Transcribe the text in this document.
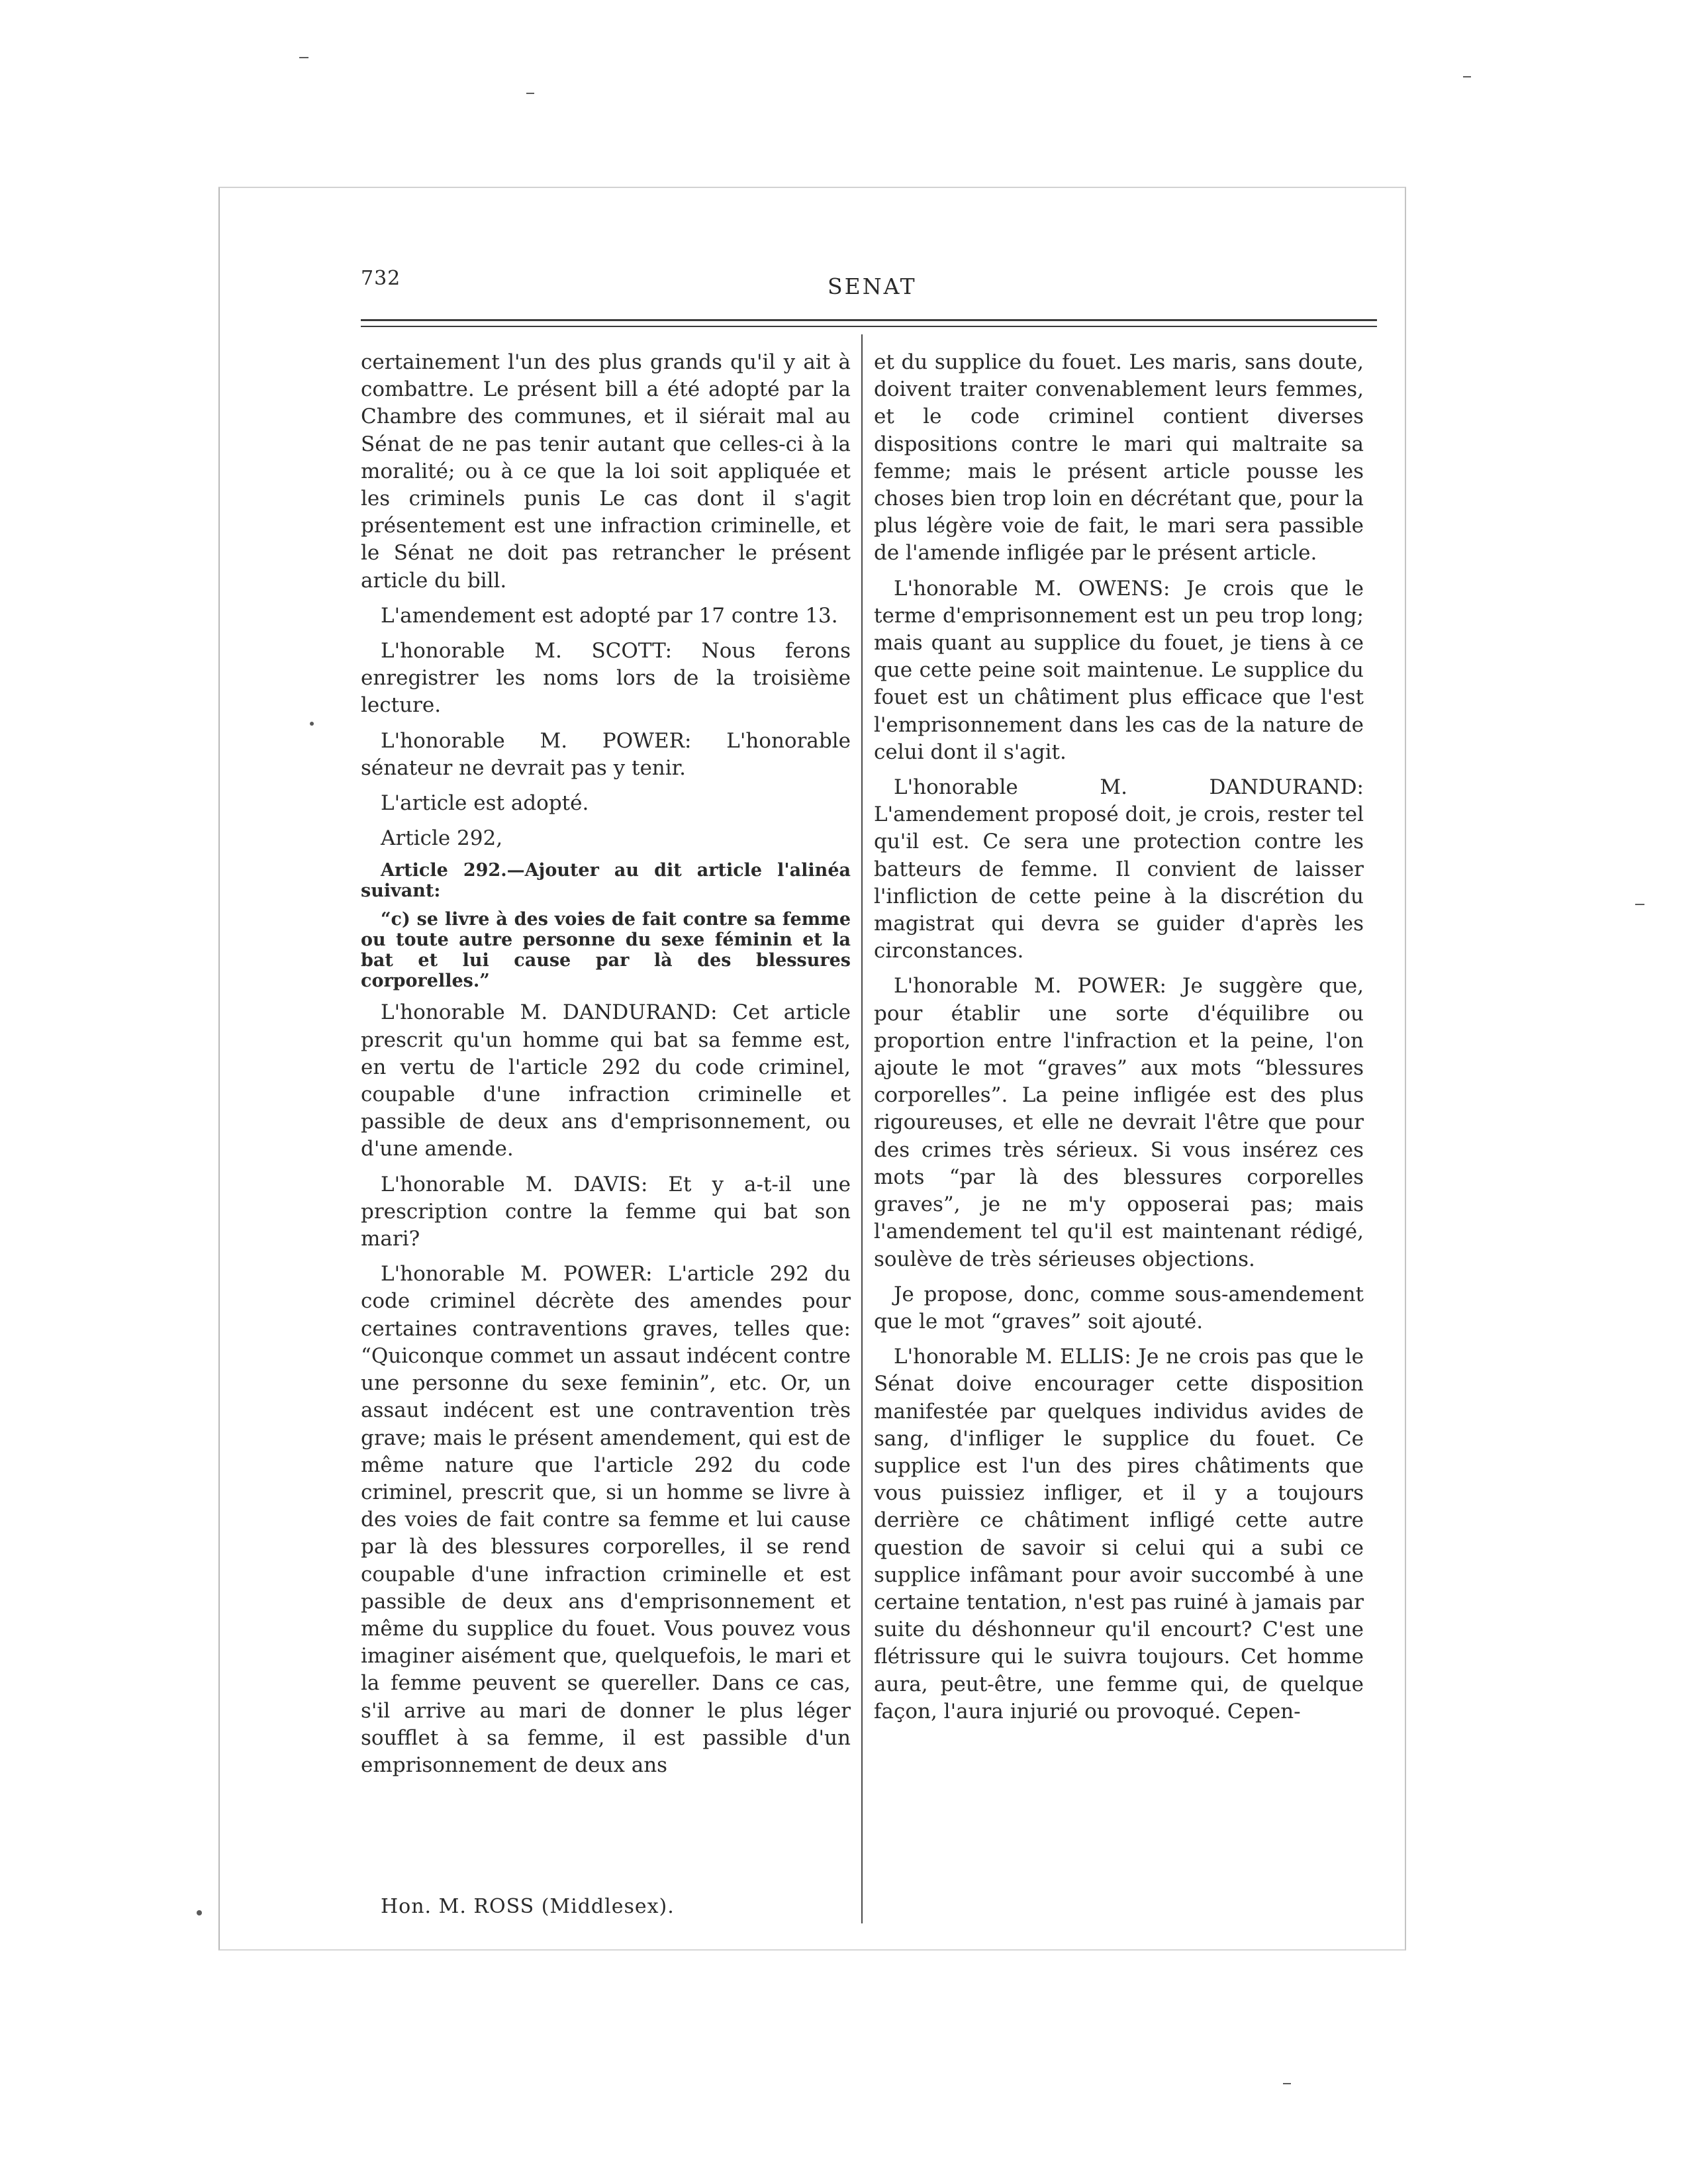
732	SENAT

certainement l'un des plus grands qu'il y ait à combattre. Le présent bill a été adopté par la Chambre des communes, et il siérait mal au Sénat de ne pas tenir autant que celles-ci à la moralité; ou à ce que la loi soit appliquée et les criminels punis Le cas dont il s'agit présentement est une infraction criminelle, et le Sénat ne doit pas retrancher le présent article du bill.

L'amendement est adopté par 17 contre 13.

L'honorable M. SCOTT: Nous ferons enregistrer les noms lors de la troisième lecture.

L'honorable M. POWER: L'honorable sénateur ne devrait pas y tenir.

L'article est adopté.

Article 292,

Article 292.—Ajouter au dit article l'alinéa suivant:

“c) se livre à des voies de fait contre sa femme ou toute autre personne du sexe féminin et la bat et lui cause par là des blessures corporelles.”

L'honorable M. DANDURAND: Cet article prescrit qu'un homme qui bat sa femme est, en vertu de l'article 292 du code criminel, coupable d'une infraction criminelle et passible de deux ans d'emprisonnement, ou d'une amende.

L'honorable M. DAVIS: Et y a-t-il une prescription contre la femme qui bat son mari?

L'honorable M. POWER: L'article 292 du code criminel décrète des amendes pour certaines contraventions graves, telles que: “Quiconque commet un assaut indécent contre une personne du sexe feminin”, etc. Or, un assaut indécent est une contravention très grave; mais le présent amendement, qui est de même nature que l'article 292 du code criminel, prescrit que, si un homme se livre à des voies de fait contre sa femme et lui cause par là des blessures corporelles, il se rend coupable d'une infraction criminelle et est passible de deux ans d'emprisonnement et même du supplice du fouet. Vous pouvez vous imaginer aisément que, quelquefois, le mari et la femme peuvent se quereller. Dans ce cas, s'il arrive au mari de donner le plus léger soufflet à sa femme, il est passible d'un emprisonnement de deux ans

et du supplice du fouet. Les maris, sans doute, doivent traiter convenablement leurs femmes, et le code criminel contient diverses dispositions contre le mari qui maltraite sa femme; mais le présent article pousse les choses bien trop loin en décrétant que, pour la plus légère voie de fait, le mari sera passible de l'amende infligée par le présent article.

L'honorable M. OWENS: Je crois que le terme d'emprisonnement est un peu trop long; mais quant au supplice du fouet, je tiens à ce que cette peine soit maintenue. Le supplice du fouet est un châtiment plus efficace que l'est l'emprisonnement dans les cas de la nature de celui dont il s'agit.

L'honorable M. DANDURAND: L'amendement proposé doit, je crois, rester tel qu'il est. Ce sera une protection contre les batteurs de femme. Il convient de laisser l'infliction de cette peine à la discrétion du magistrat qui devra se guider d'après les circonstances.

L'honorable M. POWER: Je suggère que, pour établir une sorte d'équilibre ou proportion entre l'infraction et la peine, l'on ajoute le mot “graves” aux mots “blessures corporelles”. La peine infligée est des plus rigoureuses, et elle ne devrait l'être que pour des crimes très sérieux. Si vous insérez ces mots “par là des blessures corporelles graves”, je ne m'y opposerai pas; mais l'amendement tel qu'il est maintenant rédigé, soulève de très sérieuses objections.

Je propose, donc, comme sous-amendement que le mot “graves” soit ajouté.

L'honorable M. ELLIS: Je ne crois pas que le Sénat doive encourager cette disposition manifestée par quelques individus avides de sang, d'infliger le supplice du fouet. Ce supplice est l'un des pires châtiments que vous puissiez infliger, et il y a toujours derrière ce châtiment infligé cette autre question de savoir si celui qui a subi ce supplice infâmant pour avoir succombé à une certaine tentation, n'est pas ruiné à jamais par suite du déshonneur qu'il encourt? C'est une flétrissure qui le suivra toujours. Cet homme aura, peut-être, une femme qui, de quelque façon, l'aura injurié ou provoqué. Cepen-

Hon. M. ROSS (Middlesex).
